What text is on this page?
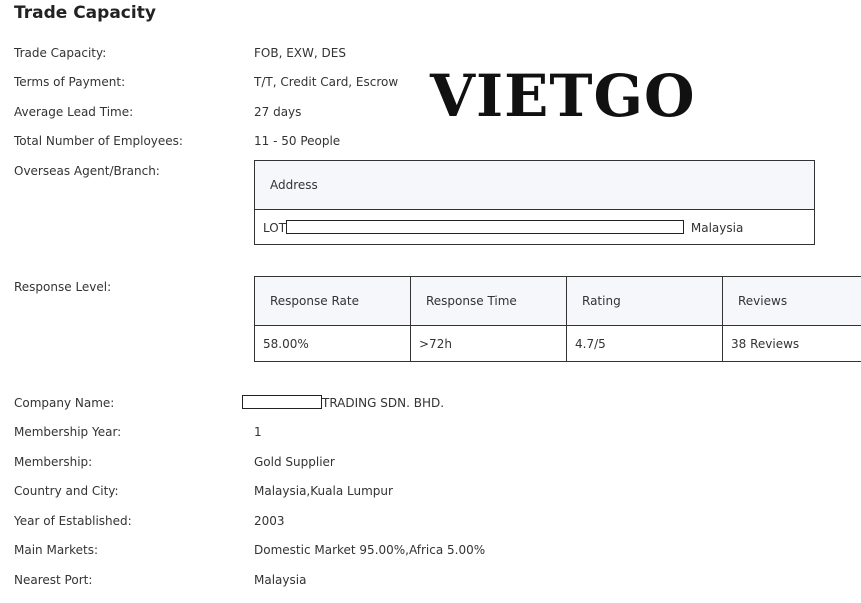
Trade Capacity
VIETGO
Trade Capacity:	FOB, EXW, DES
Terms of Payment:	T/T, Credit Card, Escrow
Average Lead Time:	27 days
Total Number of Employees:	11 - 50 People
Overseas Agent/Branch:
Address
LOT	Malaysia
Response Level:
Response Rate	Response Time	Rating	Reviews
58.00%	>72h	4.7/5	38 Reviews
Company Name:	TRADING SDN. BHD.
Membership Year:	1
Membership:	Gold Supplier
Country and City:	Malaysia,Kuala Lumpur
Year of Established:	2003
Main Markets:	Domestic Market 95.00%,Africa 5.00%
Nearest Port:	Malaysia
